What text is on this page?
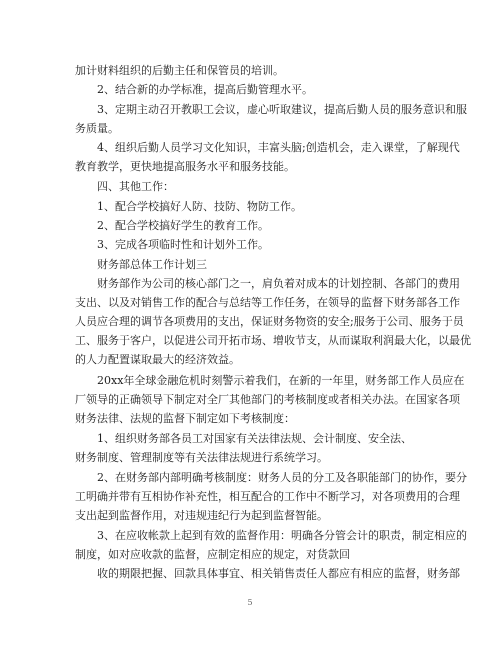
加计财料组织的后勤主任和保管员的培训。

　　2、结合新的办学标准，提高后勤管理水平。

　　3、定期主动召开教职工会议，虚心听取建议，提高后勤人员的服务意识和服
务质量。

　　4、组织后勤人员学习文化知识，丰富头脑;创造机会，走入课堂，了解现代
教育教学，更快地提高服务水平和服务技能。

　　四、其他工作：

　　1、配合学校搞好人防、技防、物防工作。

　　2、配合学校搞好学生的教育工作。

　　3、完成各项临时性和计划外工作。

　　财务部总体工作计划三

　　财务部作为公司的核心部门之一，肩负着对成本的计划控制、各部门的费用
支出、以及对销售工作的配合与总结等工作任务，在领导的监督下财务部各工作
人员应合理的调节各项费用的支出，保证财务物资的安全;服务于公司、服务于员
工、服务于客户，以促进公司开拓市场、增收节支，从而谋取利润最大化，以最优
的人力配置谋取最大的经济效益。

　　20xx年全球金融危机时刻警示着我们，在新的一年里，财务部工作人员应在
厂领导的正确领导下制定对全厂其他部门的考核制度或者相关办法。在国家各项
财务法律、法规的监督下制定如下考核制度：

　　1、组织财务部各员工对国家有关法律法规、会计制度、安全法、
财务制度、管理制度等有关法律法规进行系统学习。

　　2、在财务部内部明确考核制度：财务人员的分工及各职能部门的协作，要分
工明确并带有互相协作补充性，相互配合的工作中不断学习，对各项费用的合理
支出起到监督作用，对违规违纪行为起到监督智能。

　　3、在应收帐款上起到有效的监督作用：明确各分管会计的职责，制定相应的
制度，如对应收款的监督，应制定相应的规定，对货款回

　　收的期限把握、回款具体事宜、相关销售责任人都应有相应的监督，财务部

5
